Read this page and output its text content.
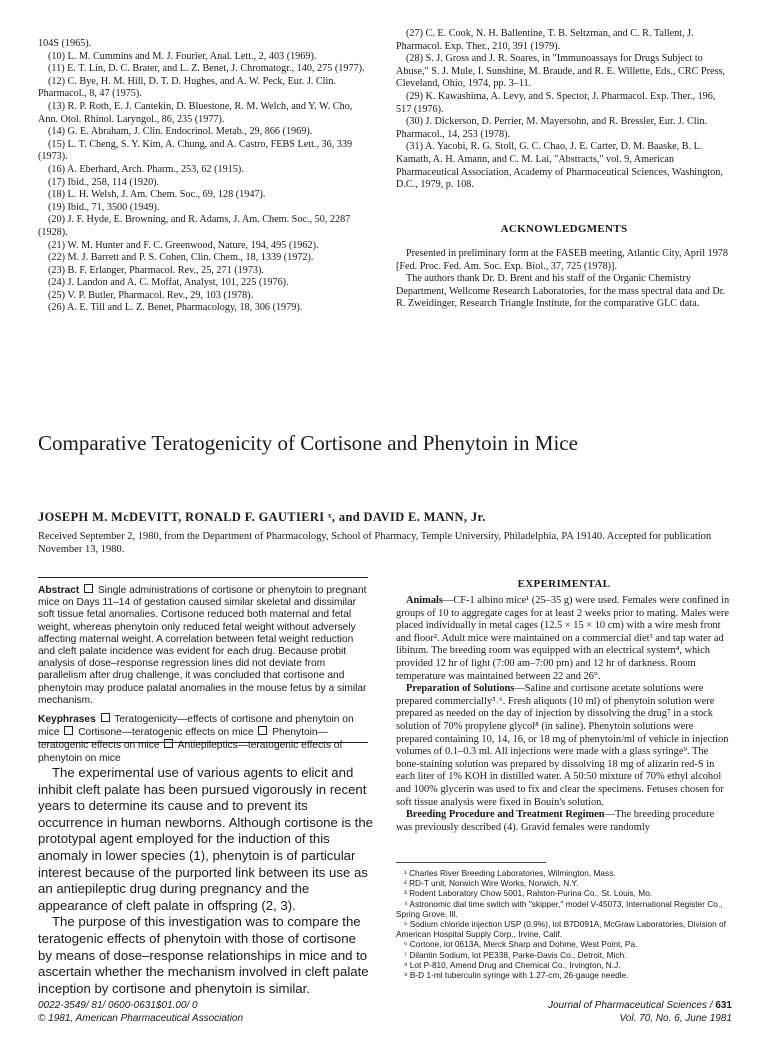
104S (1965).
(10) L. M. Cummins and M. J. Fourier, Anal. Lett., 2, 403 (1969).
(11) E. T. Lin, D. C. Brater, and L. Z. Benet, J. Chromatogr., 140, 275 (1977).
(12) C. Bye, H. M. Hill, D. T. D. Hughes, and A. W. Peck, Eur. J. Clin. Pharmacol., 8, 47 (1975).
(13) R. P. Roth, E. J. Cantekin, D. Bluestone, R. M. Welch, and Y. W. Cho, Ann. Otol. Rhinol. Laryngol., 86, 235 (1977).
(14) G. E. Abraham, J. Clin. Endocrinol. Metab., 29, 866 (1969).
(15) L. T. Cheng, S. Y. Kim, A. Chung, and A. Castro, FEBS Lett., 36, 339 (1973).
(16) A. Eberhard, Arch. Pharm., 253, 62 (1915).
(17) Ibid., 258, 114 (1920).
(18) L. H. Welsh, J. Am. Chem. Soc., 69, 128 (1947).
(19) Ibid., 71, 3500 (1949).
(20) J. F. Hyde, E. Browning, and R. Adams, J. Am. Chem. Soc., 50, 2287 (1928).
(21) W. M. Hunter and F. C. Greenwood, Nature, 194, 495 (1962).
(22) M. J. Barrett and P. S. Cohen, Clin. Chem., 18, 1339 (1972).
(23) B. F. Erlanger, Pharmacol. Rev., 25, 271 (1973).
(24) J. Landon and A. C. Moffat, Analyst, 101, 225 (1976).
(25) V. P. Butler, Pharmacol. Rev., 29, 103 (1978).
(26) A. E. Till and L. Z. Benet, Pharmacology, 18, 306 (1979).
(27) C. E. Cook, N. H. Ballentine, T. B. Seltzman, and C. R. Tallent, J. Pharmacol. Exp. Ther., 210, 391 (1979).
(28) S. J. Gross and J. R. Soares, in "Immunoassays for Drugs Subject to Abuse," S. J. Mule, I. Sunshine, M. Braude, and R. E. Willette, Eds., CRC Press, Cleveland, Ohio, 1974, pp. 3–11.
(29) K. Kawashima, A. Levy, and S. Spector, J. Pharmacol. Exp. Ther., 196, 517 (1976).
(30) J. Dickerson, D. Perrier, M. Mayersohn, and R. Bressler, Eur. J. Clin. Pharmacol., 14, 253 (1978).
(31) A. Yacobi, R. G. Stoll, G. C. Chao, J. E. Carter, D. M. Baaske, B. L. Kamath, A. H. Amann, and C. M. Lai, "Abstracts," vol. 9, American Pharmaceutical Association, Academy of Pharmaceutical Sciences, Washington, D.C., 1979, p. 108.
ACKNOWLEDGMENTS

Presented in preliminary form at the FASEB meeting, Atlantic City, April 1978 [Fed. Proc. Fed. Am. Soc. Exp. Biol., 37, 725 (1978)].

The authors thank Dr. D. Brent and his staff of the Organic Chemistry Department, Wellcome Research Laboratories, for the mass spectral data and Dr. R. Zweidinger, Research Triangle Institute, for the comparative GLC data.

Comparative Teratogenicity of Cortisone and Phenytoin in Mice
JOSEPH M. McDEVITT, RONALD F. GAUTIERI ˣ, and DAVID E. MANN, Jr.
Received September 2, 1980, from the Department of Pharmacology, School of Pharmacy, Temple University, Philadelphia, PA 19140. Accepted for publication November 13, 1980.

Abstract Single administrations of cortisone or phenytoin to pregnant mice on Days 11–14 of gestation caused similar skeletal and dissimilar soft tissue fetal anomalies. Cortisone reduced both maternal and fetal weight, whereas phenytoin only reduced fetal weight without adversely affecting maternal weight. A correlation between fetal weight reduction and cleft palate incidence was evident for each drug. Because probit analysis of dose–response regression lines did not deviate from parallelism after drug challenge, it was concluded that cortisone and phenytoin may produce palatal anomalies in the mouse fetus by a similar mechanism.

Keyphrases Teratogenicity—effects of cortisone and phenytoin on mice Cortisone—teratogenic effects on mice Phenytoin—teratogenic effects on mice Antiepileptics—teratogenic effects of phenytoin on mice

The experimental use of various agents to elicit and inhibit cleft palate has been pursued vigorously in recent years to determine its cause and to prevent its occurrence in human newborns. Although cortisone is the prototypal agent employed for the induction of this anomaly in lower species (1), phenytoin is of particular interest because of the purported link between its use as an antiepileptic drug during pregnancy and the appearance of cleft palate in offspring (2, 3).

The purpose of this investigation was to compare the teratogenic effects of phenytoin with those of cortisone by means of dose–response relationships in mice and to ascertain whether the mechanism involved in cleft palate inception by cortisone and phenytoin is similar.

EXPERIMENTAL

Animals—CF-1 albino mice¹ (25–35 g) were used. Females were confined in groups of 10 to aggregate cages for at least 2 weeks prior to mating. Males were placed individually in metal cages (12.5 × 15 × 10 cm) with a wire mesh front and floor². Adult mice were maintained on a commercial diet³ and tap water ad libitum. The breeding room was equipped with an electrical system⁴, which provided 12 hr of light (7:00 am–7:00 pm) and 12 hr of darkness. Room temperature was maintained between 22 and 26°.

Preparation of Solutions—Saline and cortisone acetate solutions were prepared commercially⁵˒⁶. Fresh aliquots (10 ml) of phenytoin solution were prepared as needed on the day of injection by dissolving the drug⁷ in a stock solution of 70% propylene glycol⁸ (in saline). Phenytoin solutions were prepared containing 10, 14, 16, or 18 mg of phenytoin/ml of vehicle in injection volumes of 0.1–0.3 ml. All injections were made with a glass syringe⁹. The bone-staining solution was prepared by dissolving 18 mg of alizarin red-S in each liter of 1% KOH in distilled water. A 50:50 mixture of 70% ethyl alcohol and 100% glycerin was used to fix and clear the specimens. Fetuses chosen for soft tissue analysis were fixed in Bouin's solution.

Breeding Procedure and Treatment Regimen—The breeding procedure was previously described (4). Gravid females were randomly

¹ Charles River Breeding Laboratories, Wilmington, Mass.
² RD-T unit, Norwich Wire Works, Norwich, N.Y.
³ Rodent Laboratory Chow 5001, Ralston-Purina Co., St. Louis, Mo.
⁴ Astronomic dial time switch with "skipper," model V-45073, International Register Co., Spring Grove, Ill.
⁵ Sodium chloride injection USP (0.9%), lot B7D091A, McGraw Laboratories, Division of American Hospital Supply Corp., Irvine, Calif.
⁶ Cortone, lot 0613A, Merck Sharp and Dohme, West Point, Pa.
⁷ Dilantin Sodium, lot PE338, Parke-Davis Co., Detroit, Mich.
⁸ Lot P-810, Amend Drug and Chemical Co., Irvington, N.J.
⁹ B-D 1-ml tuberculin syringe with 1.27-cm, 26-gauge needle.
0022-3549/ 81/ 0600-0631$01.00/ 0
© 1981, American Pharmaceutical Association
Journal of Pharmaceutical Sciences / 631
Vol. 70, No. 6, June 1981
